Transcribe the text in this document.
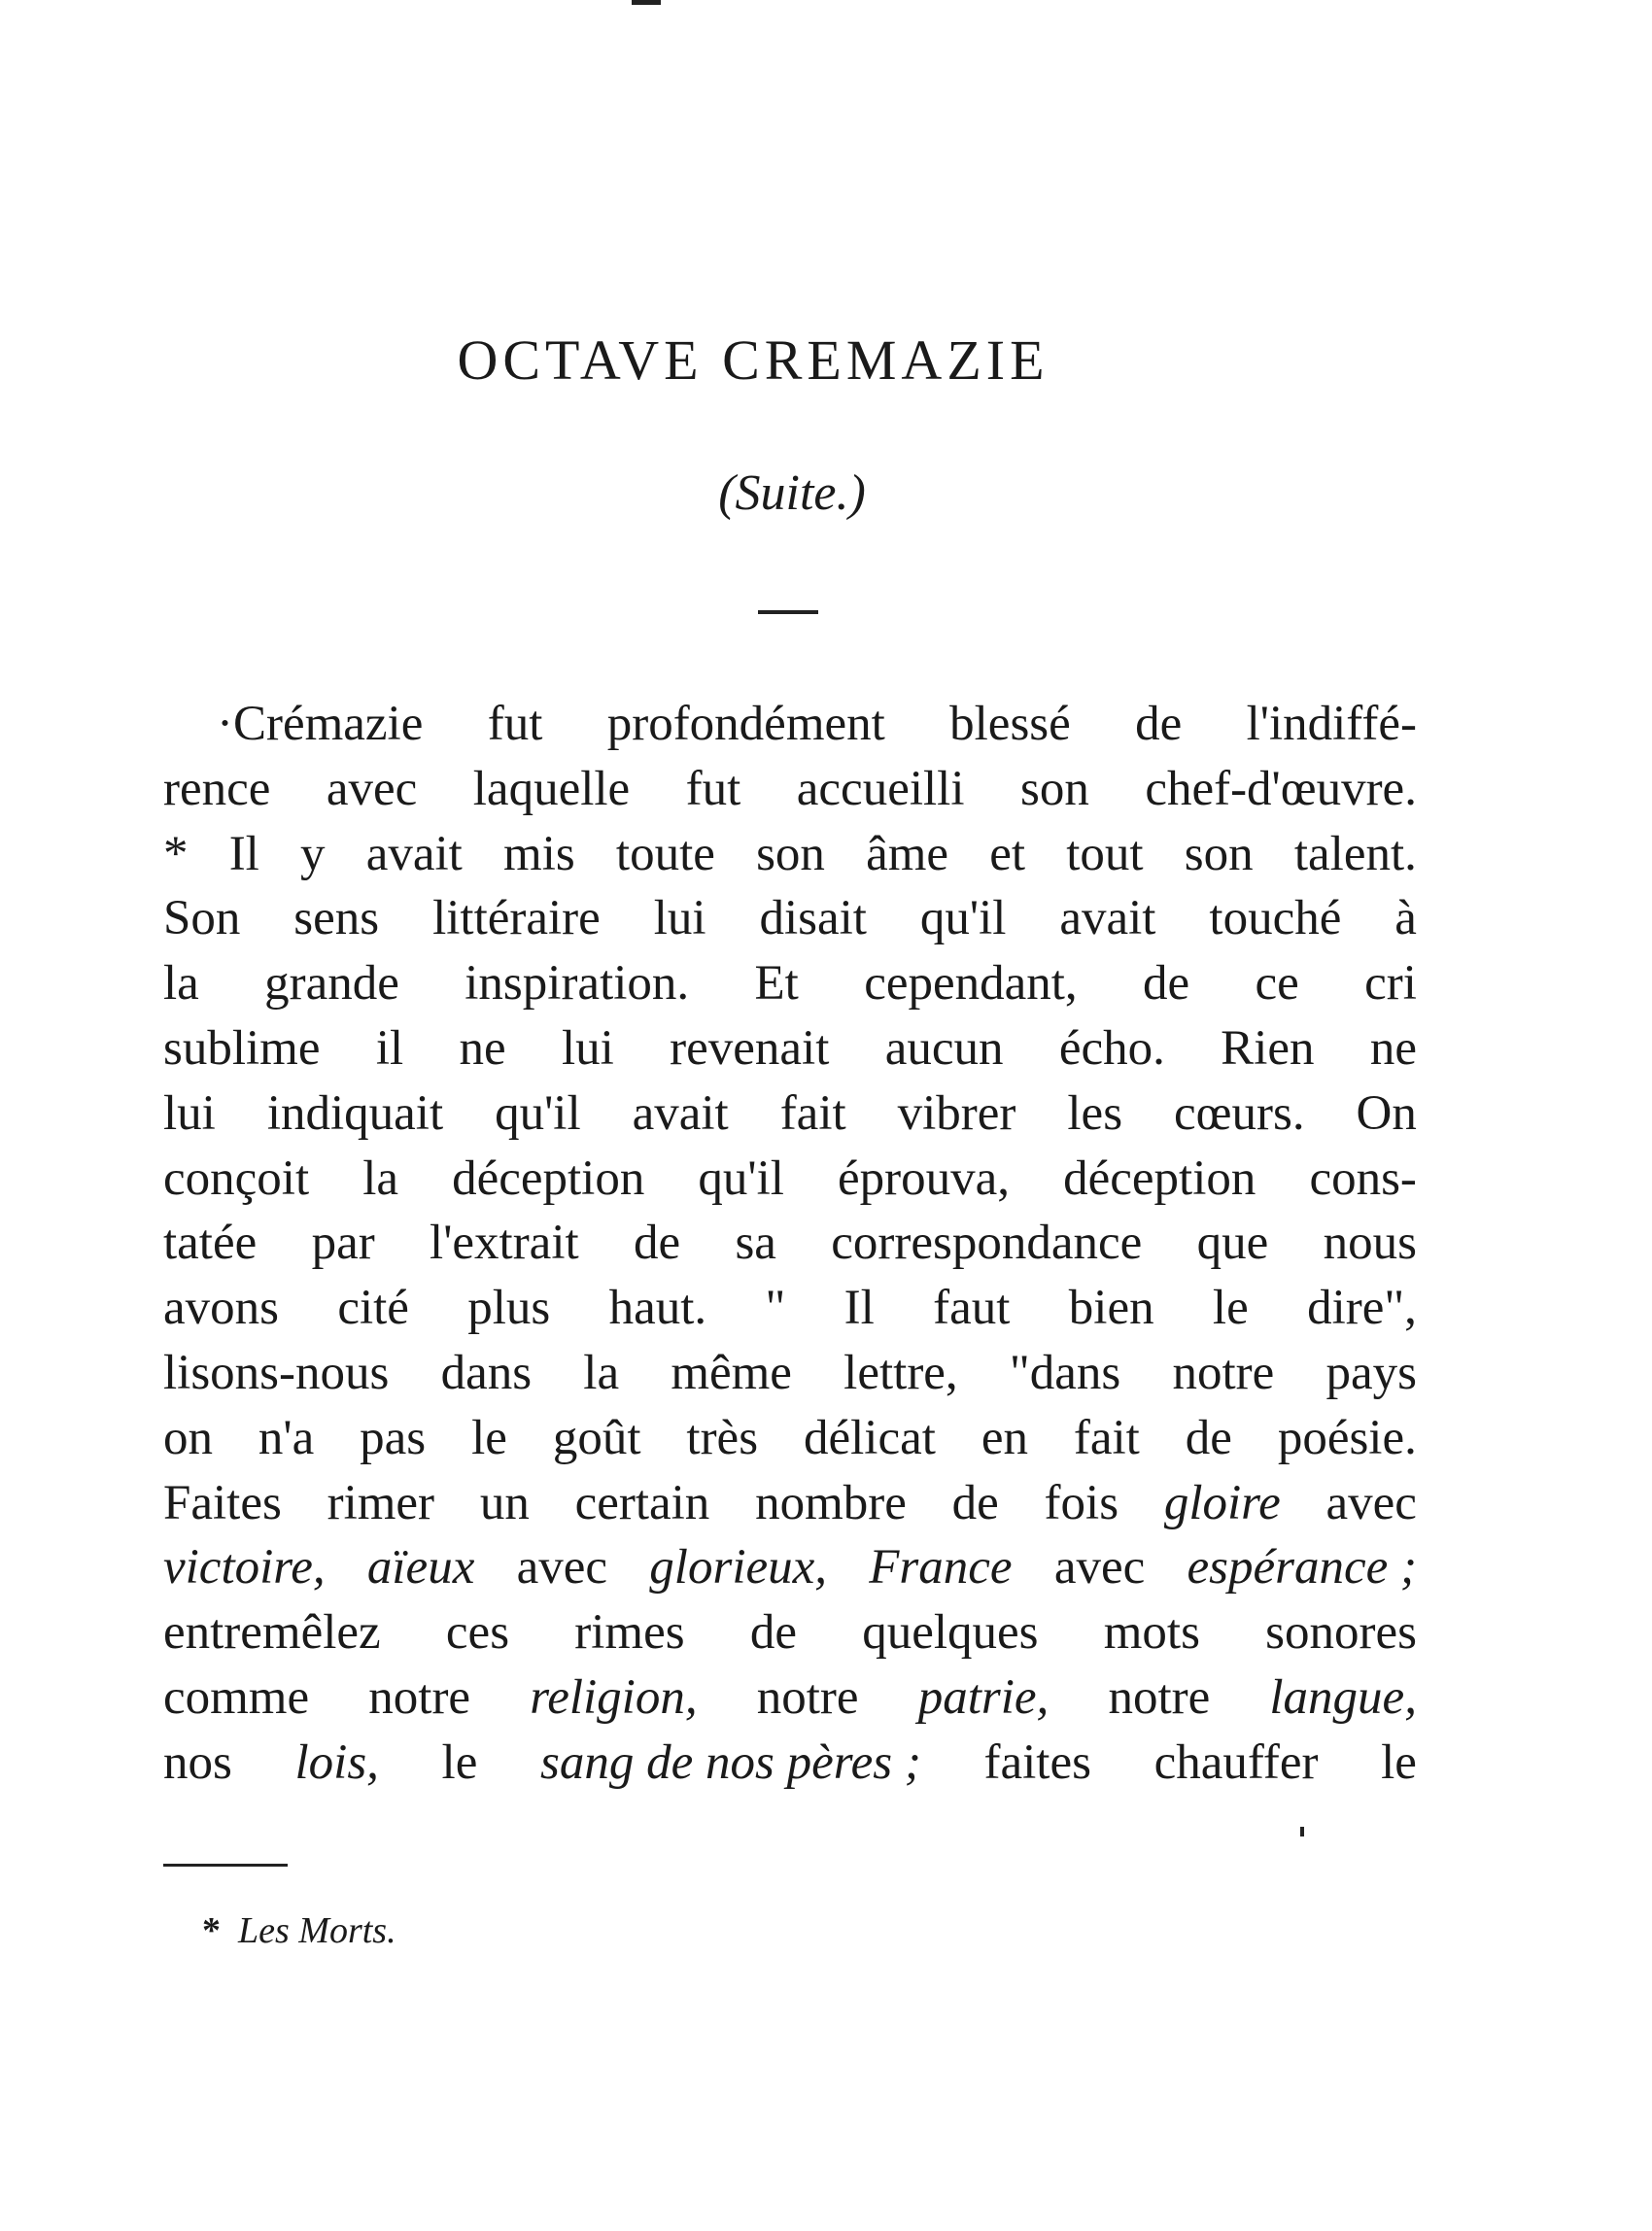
OCTAVE CREMAZIE
(Suite.)
·Crémazie fut profondément blessé de l'indiffé-
rence avec laquelle fut accueilli son chef-d'œuvre.
* Il y avait mis toute son âme et tout son talent.
Son sens littéraire lui disait qu'il avait touché à
la grande inspiration. Et cependant, de ce cri
sublime il ne lui revenait aucun écho. Rien ne
lui indiquait qu'il avait fait vibrer les cœurs. On
conçoit la déception qu'il éprouva, déception cons-
tatée par l'extrait de sa correspondance que nous
avons cité plus haut. " Il faut bien le dire",
lisons-nous dans la même lettre, "dans notre pays
on n'a pas le goût très délicat en fait de poésie.
Faites rimer un certain nombre de fois gloire avec
victoire, aïeux avec glorieux, France avec espérance ;
entremêlez ces rimes de quelques mots sonores
comme notre religion, notre patrie, notre langue,
nos lois, le sang de nos pères ; faites chauffer le
* Les Morts.
